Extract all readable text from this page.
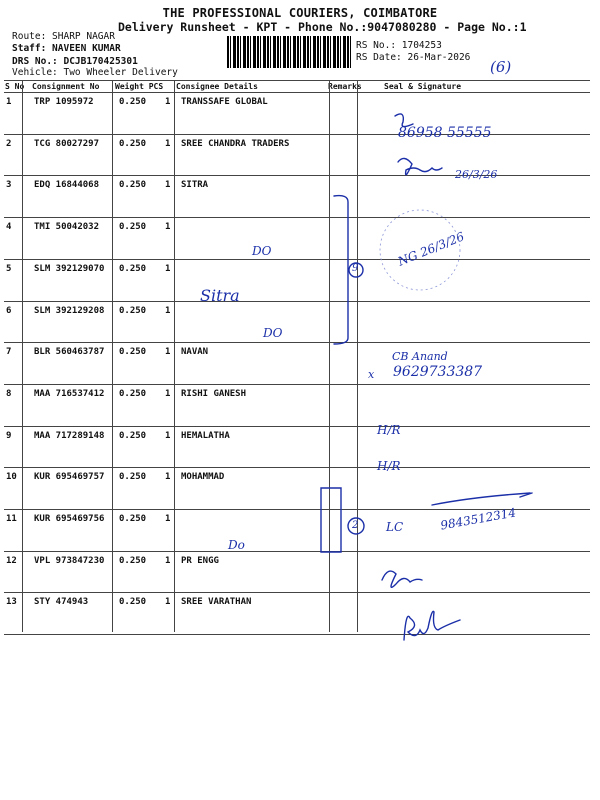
THE PROFESSIONAL COURIERS, COIMBATORE
Delivery Runsheet - KPT - Phone No.:9047080280 - Page No.:1
Route: SHARP NAGAR
Staff: NAVEEN KUMAR
DRS No.: DCJB170425301
Vehicle: Two Wheeler Delivery
RS No.: 1704253
RS Date: 26-Mar-2026
S No Consignment No Weight PCS Consignee Details	Remarks	Seal & Signature
1	TRP 1095972	0.250 1 TRANSSAFE GLOBAL
2	TCG 80027297 0.250 1 SREE CHANDRA TRADERS
3	EDQ 16844068 0.250 1 SITRA
4	TMI 50042032 0.250 1
5	SLM 392129070 0.250 1
6	SLM 392129208 0.250 1
7	BLR 560463787 0.250 1 NAVAN
8	MAA 716537412 0.250 1 RISHI GANESH
9	MAA 717289148 0.250 1 HEMALATHA
10 KUR 695469757 0.250 1 MOHAMMAD
11 KUR 695469756 0.250 1
12 VPL 973847230 0.250 1 PR ENGG
13 STY 474943	0.250 1 SREE VARATHAN
(6)
86958 55555
26/3/26
NG 26/3/26
DO
Sitra
DO
9
CB Anand
x 9629733387
H/R
H/R
2 LC	9843512314
Do
